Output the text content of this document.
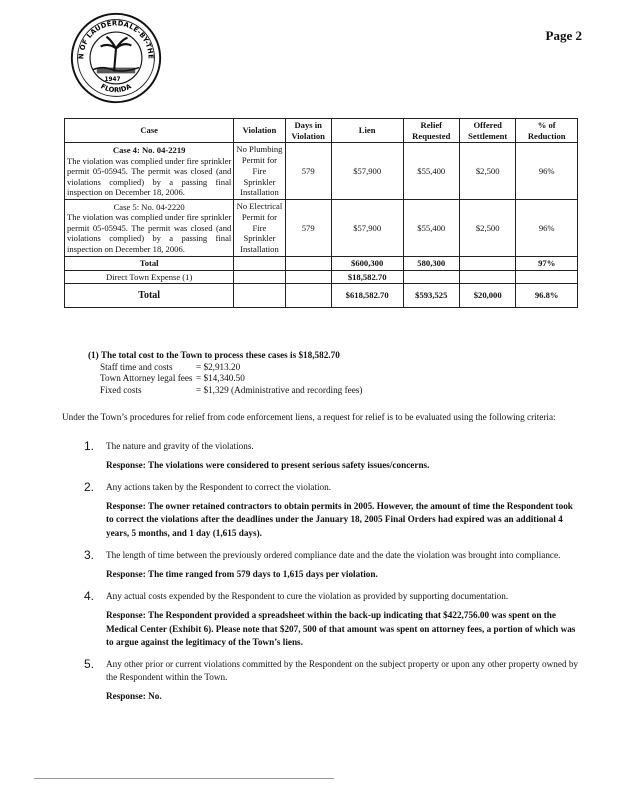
Page 2
N OF LAUDERDALE-BY-THE
FLORIDA
1947
Case	Violation	Days in Violation	Lien	Relief Requested	Offered Settlement	% of Reduction

Case 4: No. 04-2219
The violation was complied under fire sprinkler permit 05-05945. The permit was closed (and violations complied) by a passing final inspection on December 18, 2006.	No Plumbing Permit for Fire Sprinkler Installation	579	$57,900	$55,400	$2,500	96%

Case 5: No. 04-2220
The violation was complied under fire sprinkler permit 05-05945. The permit was closed (and violations complied) by a passing final inspection on December 18, 2006.	No Electrical Permit for Fire Sprinkler Installation	579	$57,900	$55,400	$2,500	96%
Total			$600,300	580,300		97%
Direct Town Expense (1)			$18,582.70			
Total			$618,582.70	$593,525	$20,000	96.8%
(1) The total cost to the Town to process these cases is $18,582.70
Staff time and costs	= $2,913.20
Town Attorney legal fees = $14,340.50
Fixed costs	= $1,329 (Administrative and recording fees)
Under the Town’s procedures for relief from code enforcement liens, a request for relief is to be evaluated using the following criteria:
1. The nature and gravity of the violations.
Response: The violations were considered to present serious safety issues/concerns.
2. Any actions taken by the Respondent to correct the violation.
Response: The owner retained contractors to obtain permits in 2005. However, the amount of time the Respondent took to correct the violations after the deadlines under the January 18, 2005 Final Orders had expired was an additional 4 years, 5 months, and 1 day (1,615 days).
3. The length of time between the previously ordered compliance date and the date the violation was brought into compliance.
Response: The time ranged from 579 days to 1,615 days per violation.
4. Any actual costs expended by the Respondent to cure the violation as provided by supporting documentation.
Response: The Respondent provided a spreadsheet within the back-up indicating that $422,756.00 was spent on the Medical Center (Exhibit 6). Please note that $207, 500 of that amount was spent on attorney fees, a portion of which was to argue against the legitimacy of the Town’s liens.
5. Any other prior or current violations committed by the Respondent on the subject property or upon any other property owned by the Respondent within the Town.
Response: No.
